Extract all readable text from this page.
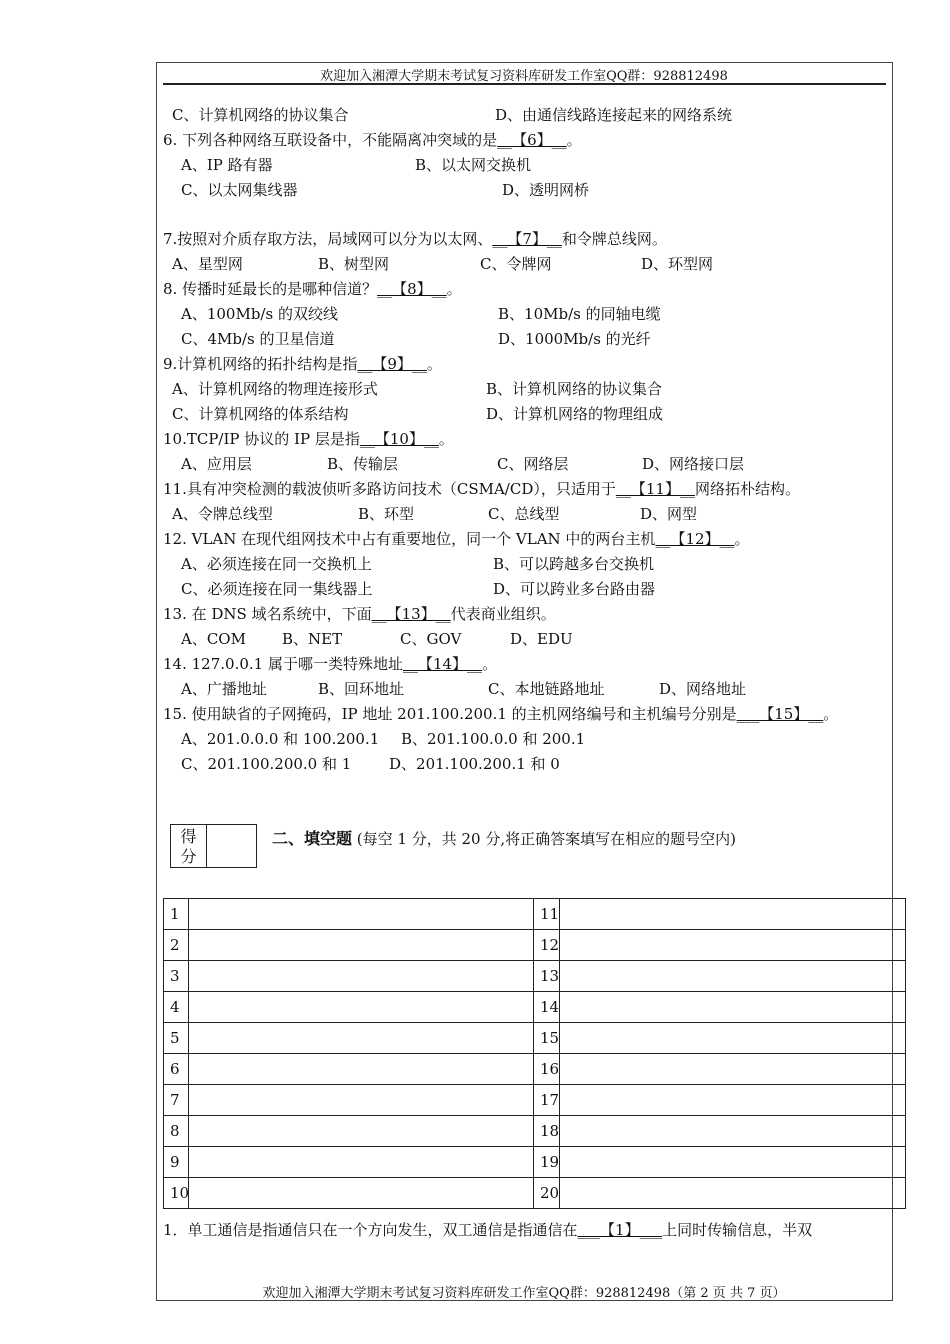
欢迎加入湘潭大学期末考试复习资料库研发工作室QQ群：928812498
C、计算机网络的协议集合	D、由通信线路连接起来的网络系统
6. 下列各种网络互联设备中，不能隔离冲突域的是__【6】__。
A、IP 路有器	B、以太网交换机
C、以太网集线器	D、透明网桥
7.按照对介质存取方法，局域网可以分为以太网、__【7】__和令牌总线网。
A、星型网	B、树型网	C、令牌网	D、环型网
8. 传播时延最长的是哪种信道？__【8】__。
A、100Mb/s 的双绞线	B、10Mb/s 的同轴电缆
C、4Mb/s 的卫星信道	D、1000Mb/s 的光纤
9.计算机网络的拓扑结构是指__【9】__。
A、计算机网络的物理连接形式	B、计算机网络的协议集合
C、计算机网络的体系结构	D、计算机网络的物理组成
10.TCP/IP 协议的 IP 层是指__【10】__。
A、应用层	B、传输层	C、网络层	D、网络接口层
11.具有冲突检测的载波侦听多路访问技术（CSMA/CD），只适用于__【11】__网络拓朴结构。
A、令牌总线型	B、环型	C、总线型	D、网型
12. VLAN 在现代组网技术中占有重要地位，同一个 VLAN 中的两台主机__【12】__。
A、必须连接在同一交换机上	B、可以跨越多台交换机
C、必须连接在同一集线器上	D、可以跨业多台路由器
13. 在 DNS 域名系统中，下面__【13】__代表商业组织。
A、COM B、NET	C、GOV	D、EDU
14. 127.0.0.1 属于哪一类特殊地址__【14】__。
A、广播地址	B、回环地址	C、本地链路地址	D、网络地址
15. 使用缺省的子网掩码，IP 地址 201.100.200.1 的主机网络编号和主机编号分别是___【15】__。
A、201.0.0.0 和 100.200.1 B、201.100.0.0 和 200.1
C、201.100.200.0 和 1	D、201.100.200.1 和 0
得
分
二、填空题 (每空 1 分，共 20 分,将正确答案填写在相应的题号空内)
1		11	
2		12	
3		13	
4		14	
5		15	
6		16	
7		17	
8		18	
9		19	
10		20	
1．单工通信是指通信只在一个方向发生，双工通信是指通信在___【1】___上同时传输信息，半双
欢迎加入湘潭大学期末考试复习资料库研发工作室QQ群：928812498（第 2 页 共 7 页）
